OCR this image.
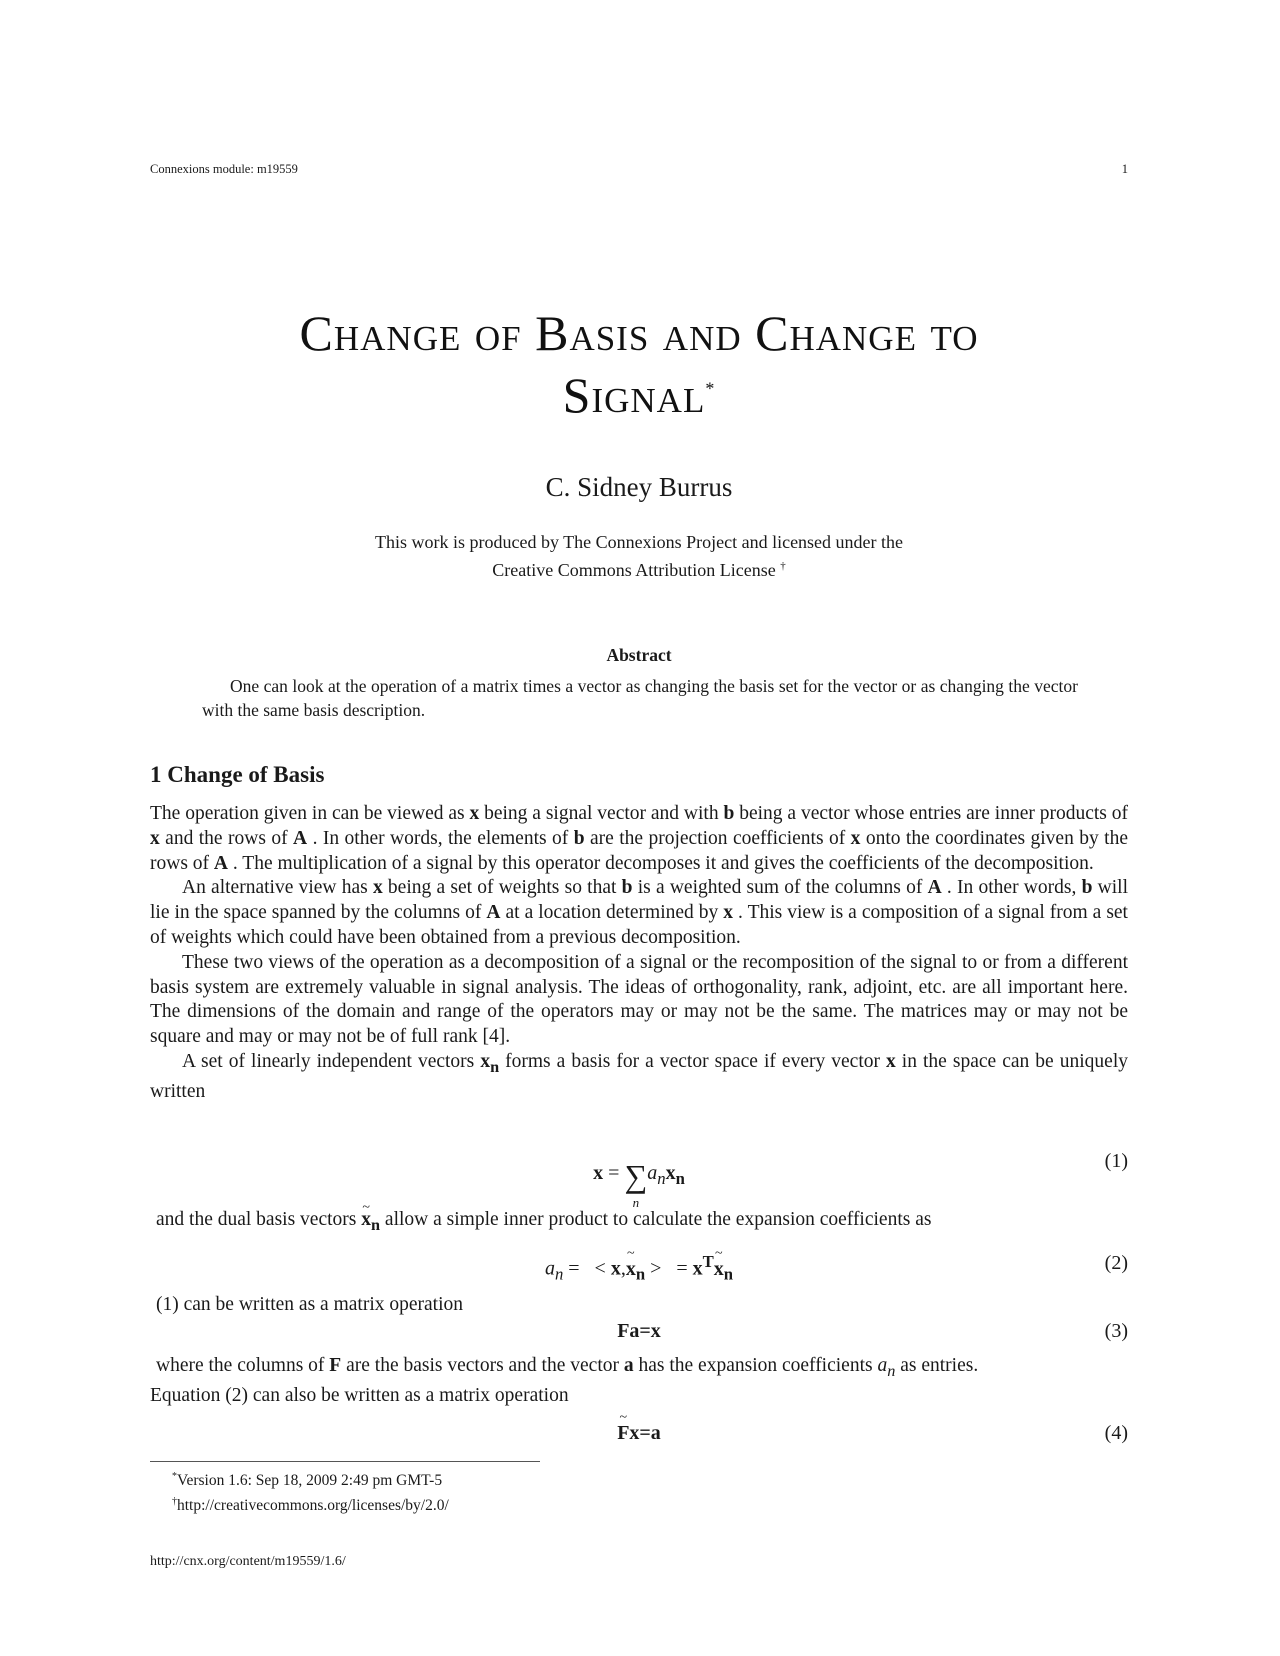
Connexions module: m19559	1
Change of Basis and Change to
Signal*
C. Sidney Burrus
This work is produced by The Connexions Project and licensed under the
Creative Commons Attribution License †
Abstract

One can look at the operation of a matrix times a vector as changing the basis set for the vector or as changing the vector with the same basis description.

1 Change of Basis

The operation given in can be viewed as x being a signal vector and with b being a vector whose entries are inner products of x and the rows of A . In other words, the elements of b are the projection coefficients of x onto the coordinates given by the rows of A . The multiplication of a signal by this operator decomposes it and gives the coefficients of the decomposition.

An alternative view has x being a set of weights so that b is a weighted sum of the columns of A . In other words, b will lie in the space spanned by the columns of A at a location determined by x . This view is a composition of a signal from a set of weights which could have been obtained from a previous decomposition.

These two views of the operation as a decomposition of a signal or the recomposition of the signal to or from a different basis system are extremely valuable in signal analysis. The ideas of orthogonality, rank, adjoint, etc. are all important here. The dimensions of the domain and range of the operators may or may not be the same. The matrices may or may not be square and may or may not be of full rank [4].

A set of linearly independent vectors $x_n$ forms a basis for a vector space if every vector x in the space can be uniquely written

x = ∑
n
$a_nx_n$
(1)
and the dual basis vectors ~ $x_n$ allow a simple inner product to calculate the expansion coefficients as
$a_n$ =   < x,~ $x_n$ >   = $x^T\sim$ $x_n$
(2)
(1) can be written as a matrix operation
Fa=x	(3)
where the columns of F are the basis vectors and the vector a has the expansion coefficients $a_n$ as entries.
Equation (2) can also be written as a matrix operation
~ Fx=a	(4)
*Version 1.6: Sep 18, 2009 2:49 pm GMT-5
†http://creativecommons.org/licenses/by/2.0/
http://cnx.org/content/m19559/1.6/
